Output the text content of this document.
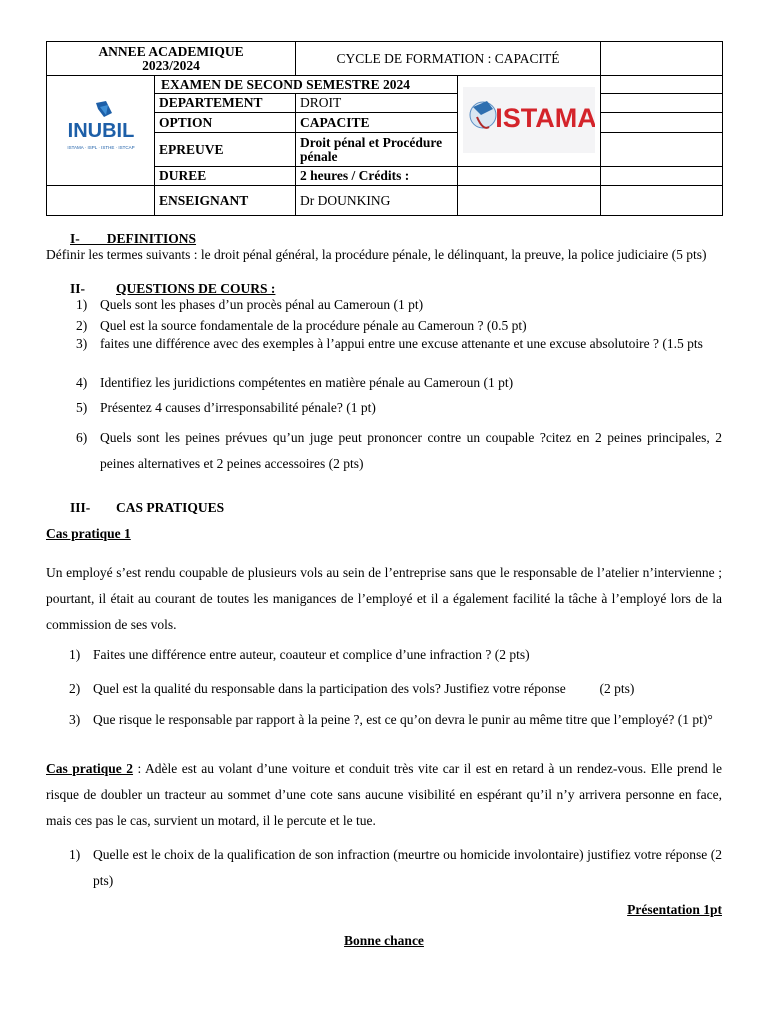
ANNEE ACADEMIQUE
2023/2024		CYCLE DE FORMATION : CAPACITÉ		

INUBIL
ISTAMA · ISPL · ISTHE · ISTCAP	EXAMEN DE SECOND SEMESTRE 2024		ISTAMA	

	DEPARTEMENT	DROIT		
	OPTION	CAPACITE		
	EPREUVE	Droit pénal et Procédure pénale		
	DUREE	2 heures / Crédits :		
	ENSEIGNANT	Dr DOUNKING		
I-        DEFINITIONS
Définir les termes suivants : le droit pénal général, la procédure pénale, le délinquant, la preuve, la police judiciaire (5 pts)
II- QUESTIONS DE COURS :
1) Quels sont les phases d’un procès pénal au Cameroun (1 pt)
2) Quel est la source fondamentale de la procédure pénale au Cameroun ? (0.5 pt)
3) faites une différence avec des exemples à l’appui entre une excuse attenante et une excuse absolutoire ? (1.5 pts
4) Identifiez les juridictions compétentes en matière pénale au Cameroun (1 pt)
5) Présentez 4 causes d’irresponsabilité pénale? (1 pt)
6) Quels sont les peines prévues qu’un juge peut prononcer contre un coupable ?citez en 2 peines principales, 2 peines alternatives et 2 peines accessoires (2 pts)
III- CAS PRATIQUES
Cas pratique 1
Un employé s’est rendu coupable de plusieurs vols au sein de l’entreprise sans que le responsable de l’atelier n’intervienne ; pourtant, il était au courant de toutes les manigances de l’employé et il a également facilité la tâche à l’employé lors de la commission de ses vols.
1) Faites une différence entre auteur, coauteur et complice d’une infraction ? (2 pts)
2) Quel est la qualité du responsable dans la participation des vols? Justifiez votre réponse          (2 pts)
3) Que risque le responsable par rapport à la peine ?, est ce qu’on devra le punir au même titre que l’employé? (1 pt)°
Cas pratique 2 : Adèle est au volant d’une voiture et conduit très vite car il est en retard à un rendez-vous. Elle prend le risque de doubler un tracteur au sommet d’une cote sans aucune visibilité en espérant qu’il n’y arrivera personne en face, mais ces pas le cas, survient un motard, il le percute et le tue.
1) Quelle est le choix de la qualification de son infraction (meurtre ou homicide involontaire) justifiez votre réponse (2 pts)
Présentation 1pt
Bonne chance
